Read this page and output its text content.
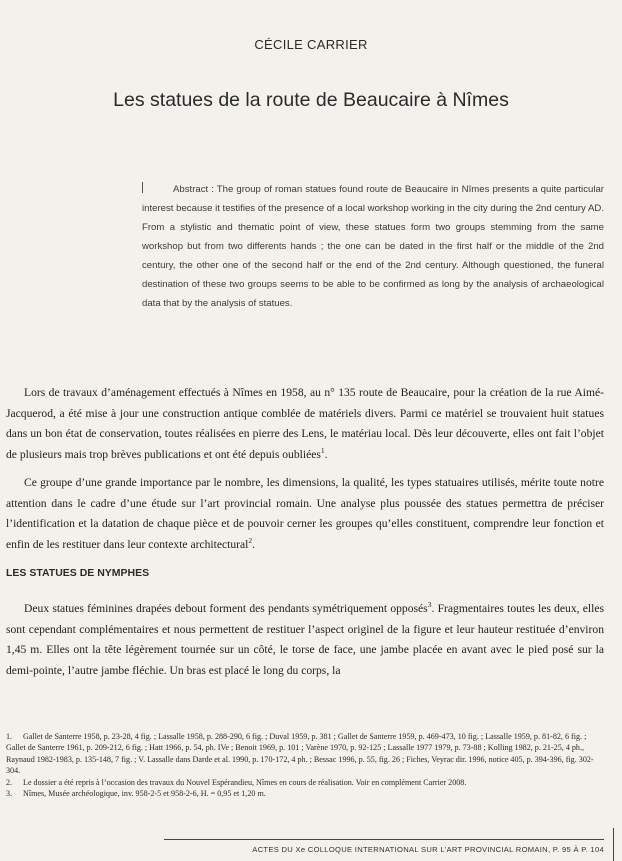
CÉCILE CARRIER
Les statues de la route de Beaucaire à Nîmes
Abstract : The group of roman statues found route de Beaucaire in Nîmes presents a quite particular interest because it testifies of the presence of a local workshop working in the city during the 2nd century AD. From a stylistic and thematic point of view, these statues form two groups stemming from the same workshop but from two differents hands ; the one can be dated in the first half or the middle of the 2nd century, the other one of the second half or the end of the 2nd century. Although questioned, the funeral destination of these two groups seems to be able to be confirmed as long by the analysis of archaeological data that by the analysis of statues.

Lors de travaux d’aménagement effectués à Nîmes en 1958, au n° 135 route de Beaucaire, pour la création de la rue Aimé-Jacquerod, a été mise à jour une construction antique comblée de matériels divers. Parmi ce matériel se trouvaient huit statues dans un bon état de conservation, toutes réalisées en pierre des Lens, le matériau local. Dès leur découverte, elles ont fait l’objet de plusieurs mais trop brèves publications et ont été depuis oubliées$^1$.

Ce groupe d’une grande importance par le nombre, les dimensions, la qualité, les types statuaires utilisés, mérite toute notre attention dans le cadre d’une étude sur l’art provincial romain. Une analyse plus poussée des statues permettra de préciser l’identification et la datation de chaque pièce et de pouvoir cerner les groupes qu’elles constituent, comprendre leur fonction et enfin de les restituer dans leur contexte architectural$^2$.

LES STATUES DE NYMPHES

Deux statues féminines drapées debout forment des pendants symétriquement opposés$^3$. Fragmentaires toutes les deux, elles sont cependant complémentaires et nous permettent de restituer l’aspect originel de la figure et leur hauteur restituée d’environ 1,45 m. Elles ont la tête légèrement tournée sur un côté, le torse de face, une jambe placée en avant avec le pied posé sur la demi-pointe, l’autre jambe fléchie. Un bras est placé le long du corps, la

1. Gallet de Santerre 1958, p. 23-28, 4 fig. ; Lassalle 1958, p. 288-290, 6 fig. ; Duval 1959, p. 381 ; Gallet de Santerre 1959, p. 469-473, 10 fig. ; Lassalle 1959, p. 81-82, 6 fig. ; Gallet de Santerre 1961, p. 209-212, 6 fig. ; Hatt 1966, p. 54, ph. IVe ; Benoit 1969, p. 101 ; Varène 1970, p. 92-125 ; Lassalle 1977 1979, p. 73-88 ; Kolling 1982, p. 21-25, 4 ph., Raynaud 1982-1983, p. 135-148, 7 fig. ; V. Lassalle dans Darde et al. 1990, p. 170-172, 4 ph. ; Bessac 1996, p. 55, fig. 26 ; Fiches, Veyrac dir. 1996, notice 405, p. 394-396, fig. 302-304.

2. Le dossier a été repris à l’occasion des travaux du Nouvel Espérandieu, Nîmes en cours de réalisation. Voir en complément Carrier 2008.

3. Nîmes, Musée archéologique, inv. 958-2-5 et 958-2-6, H. = 0,95 et 1,20 m.

ACTES DU Xe COLLOQUE INTERNATIONAL SUR L’ART PROVINCIAL ROMAIN, P. 95 À P. 104
